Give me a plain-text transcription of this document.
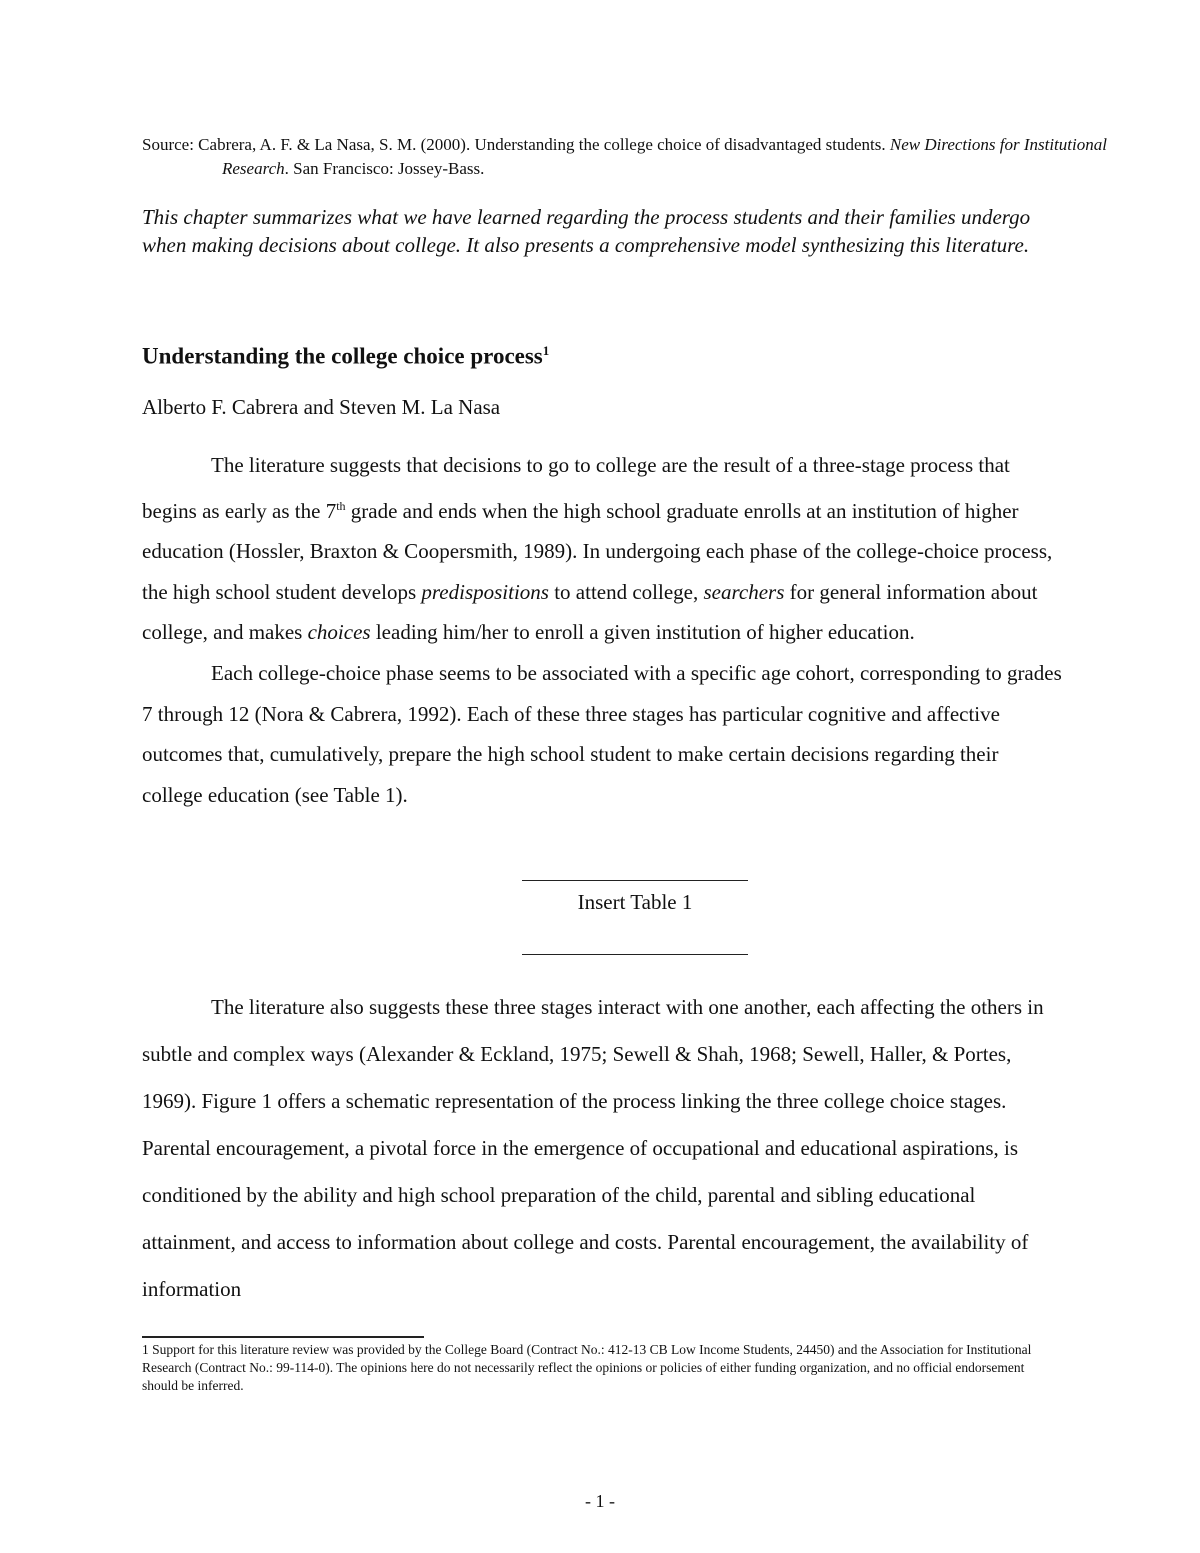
Source: Cabrera, A. F. & La Nasa, S. M. (2000). Understanding the college choice of disadvantaged students. New Directions for Institutional Research. San Francisco: Jossey-Bass.
This chapter summarizes what we have learned regarding the process students and their families undergo when making decisions about college. It also presents a comprehensive model synthesizing this literature.
Understanding the college choice process$^1$
Alberto F. Cabrera and Steven M. La Nasa

The literature suggests that decisions to go to college are the result of a three-stage process that begins as early as the 7th grade and ends when the high school graduate enrolls at an institution of higher education (Hossler, Braxton & Coopersmith, 1989). In undergoing each phase of the college-choice process, the high school student develops predispositions to attend college, searchers for general information about college, and makes choices leading him/her to enroll a given institution of higher education.

Each college-choice phase seems to be associated with a specific age cohort, corresponding to grades 7 through 12 (Nora & Cabrera, 1992). Each of these three stages has particular cognitive and affective outcomes that, cumulatively, prepare the high school student to make certain decisions regarding their college education (see Table 1).

Insert Table 1

The literature also suggests these three stages interact with one another, each affecting the others in subtle and complex ways (Alexander & Eckland, 1975; Sewell & Shah, 1968; Sewell, Haller, & Portes, 1969). Figure 1 offers a schematic representation of the process linking the three college choice stages. Parental encouragement, a pivotal force in the emergence of occupational and educational aspirations, is conditioned by the ability and high school preparation of the child, parental and sibling educational attainment, and access to information about college and costs. Parental encouragement, the availability of information

1 Support for this literature review was provided by the College Board (Contract No.: 412-13 CB Low Income Students, 24450) and the Association for Institutional Research (Contract No.: 99-114-0). The opinions here do not necessarily reflect the opinions or policies of either funding organization, and no official endorsement should be inferred.
- 1 -
